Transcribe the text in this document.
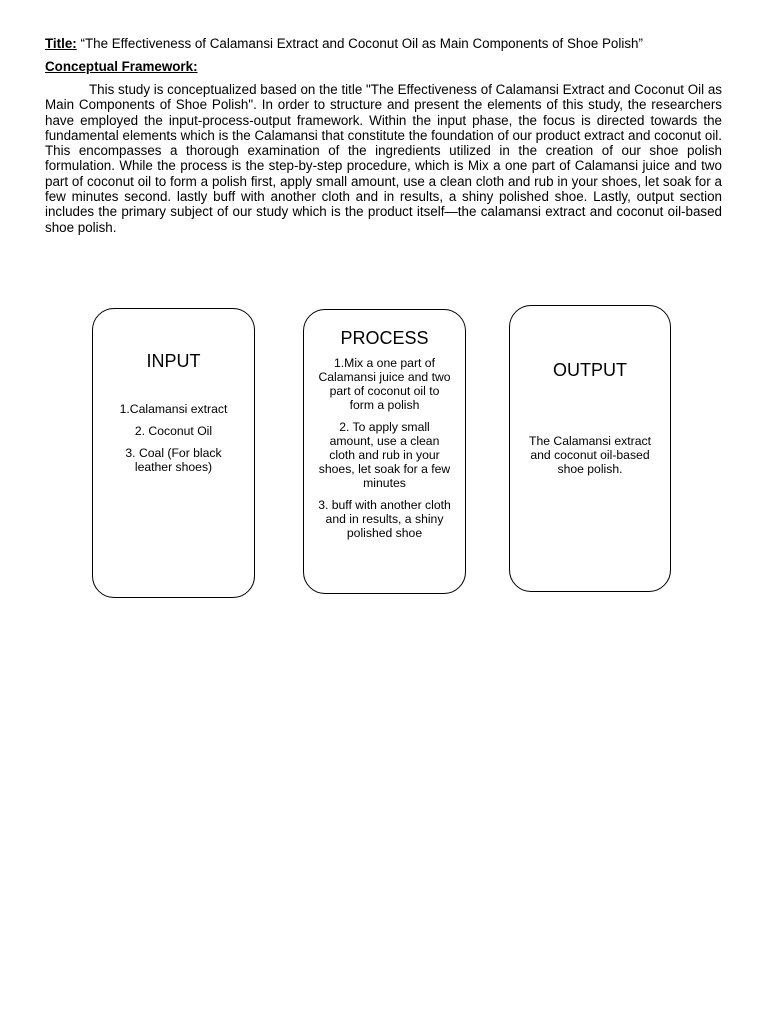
Title: “The Effectiveness of Calamansi Extract and Coconut Oil as Main Components of Shoe Polish”
Conceptual Framework:
This study is conceptualized based on the title "The Effectiveness of Calamansi Extract and Coconut Oil as Main Components of Shoe Polish". In order to structure and present the elements of this study, the researchers have employed the input-process-output framework. Within the input phase, the focus is directed towards the fundamental elements which is the Calamansi that constitute the foundation of our product extract and coconut oil. This encompasses a thorough examination of the ingredients utilized in the creation of our shoe polish formulation. While the process is the step-by-step procedure, which is Mix a one part of Calamansi juice and two part of coconut oil to form a polish first, apply small amount, use a clean cloth and rub in your shoes, let soak for a few minutes second. lastly buff with another cloth and in results, a shiny polished shoe. Lastly, output section includes the primary subject of our study which is the product itself—the calamansi extract and coconut oil-based shoe polish.
INPUT
1.Calamansi extract
2. Coconut Oil
3. Coal (For black leather shoes)
PROCESS
1.Mix a one part of Calamansi juice and two part of coconut oil to form a polish
2. To apply small amount, use a clean cloth and rub in your shoes, let soak for a few minutes
3. buff with another cloth and in results, a shiny polished shoe
OUTPUT
The Calamansi extract and coconut oil-based shoe polish.
